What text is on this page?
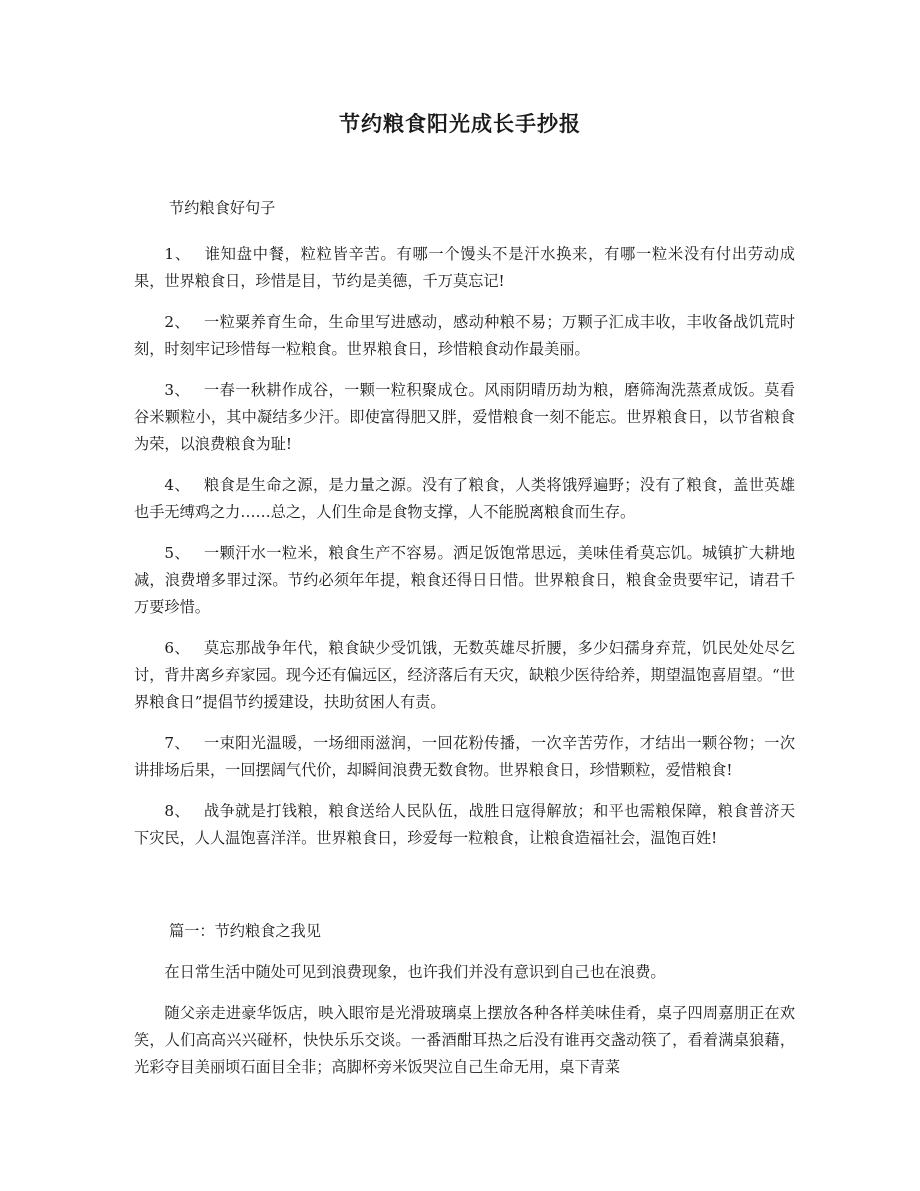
节约粮食阳光成长手抄报
节约粮食好句子

1、 谁知盘中餐，粒粒皆辛苦。有哪一个馒头不是汗水换来，有哪一粒米没有付出劳动成果，世界粮食日，珍惜是目，节约是美德，千万莫忘记!

2、 一粒粟养育生命，生命里写进感动，感动种粮不易；万颗子汇成丰收，丰收备战饥荒时刻，时刻牢记珍惜每一粒粮食。世界粮食日，珍惜粮食动作最美丽。

3、 一春一秋耕作成谷，一颗一粒积聚成仓。风雨阴晴历劫为粮，磨筛淘洗蒸煮成饭。莫看谷米颗粒小，其中凝结多少汗。即使富得肥又胖，爱惜粮食一刻不能忘。世界粮食日，以节省粮食为荣，以浪费粮食为耻!

4、 粮食是生命之源，是力量之源。没有了粮食，人类将饿殍遍野；没有了粮食，盖世英雄也手无缚鸡之力……总之，人们生命是食物支撑，人不能脱离粮食而生存。

5、 一颗汗水一粒米，粮食生产不容易。洒足饭饱常思远，美味佳肴莫忘饥。城镇扩大耕地减，浪费增多罪过深。节约必须年年提，粮食还得日日惜。世界粮食日，粮食金贵要牢记，请君千万要珍惜。

6、 莫忘那战争年代，粮食缺少受饥饿，无数英雄尽折腰，多少妇孺身弃荒，饥民处处尽乞讨，背井离乡弃家园。现今还有偏远区，经济落后有天灾，缺粮少医待给养，期望温饱喜眉望。“世界粮食日”提倡节约援建设，扶助贫困人有责。

7、 一束阳光温暖，一场细雨滋润，一回花粉传播，一次辛苦劳作，才结出一颗谷物；一次讲排场后果，一回摆阔气代价，却瞬间浪费无数食物。世界粮食日，珍惜颗粒，爱惜粮食!

8、 战争就是打钱粮，粮食送给人民队伍，战胜日寇得解放；和平也需粮保障，粮食普济天下灾民，人人温饱喜洋洋。世界粮食日，珍爱每一粒粮食，让粮食造福社会，温饱百姓!

篇一：节约粮食之我见

在日常生活中随处可见到浪费现象，也许我们并没有意识到自己也在浪费。

随父亲走进豪华饭店，映入眼帘是光滑玻璃桌上摆放各种各样美味佳肴，桌子四周嘉朋正在欢笑，人们高高兴兴碰杯，快快乐乐交谈。一番酒酣耳热之后没有谁再交盏动筷了，看着满桌狼藉，光彩夺目美丽顷石面目全非；高脚杯旁米饭哭泣自己生命无用，桌下青菜
